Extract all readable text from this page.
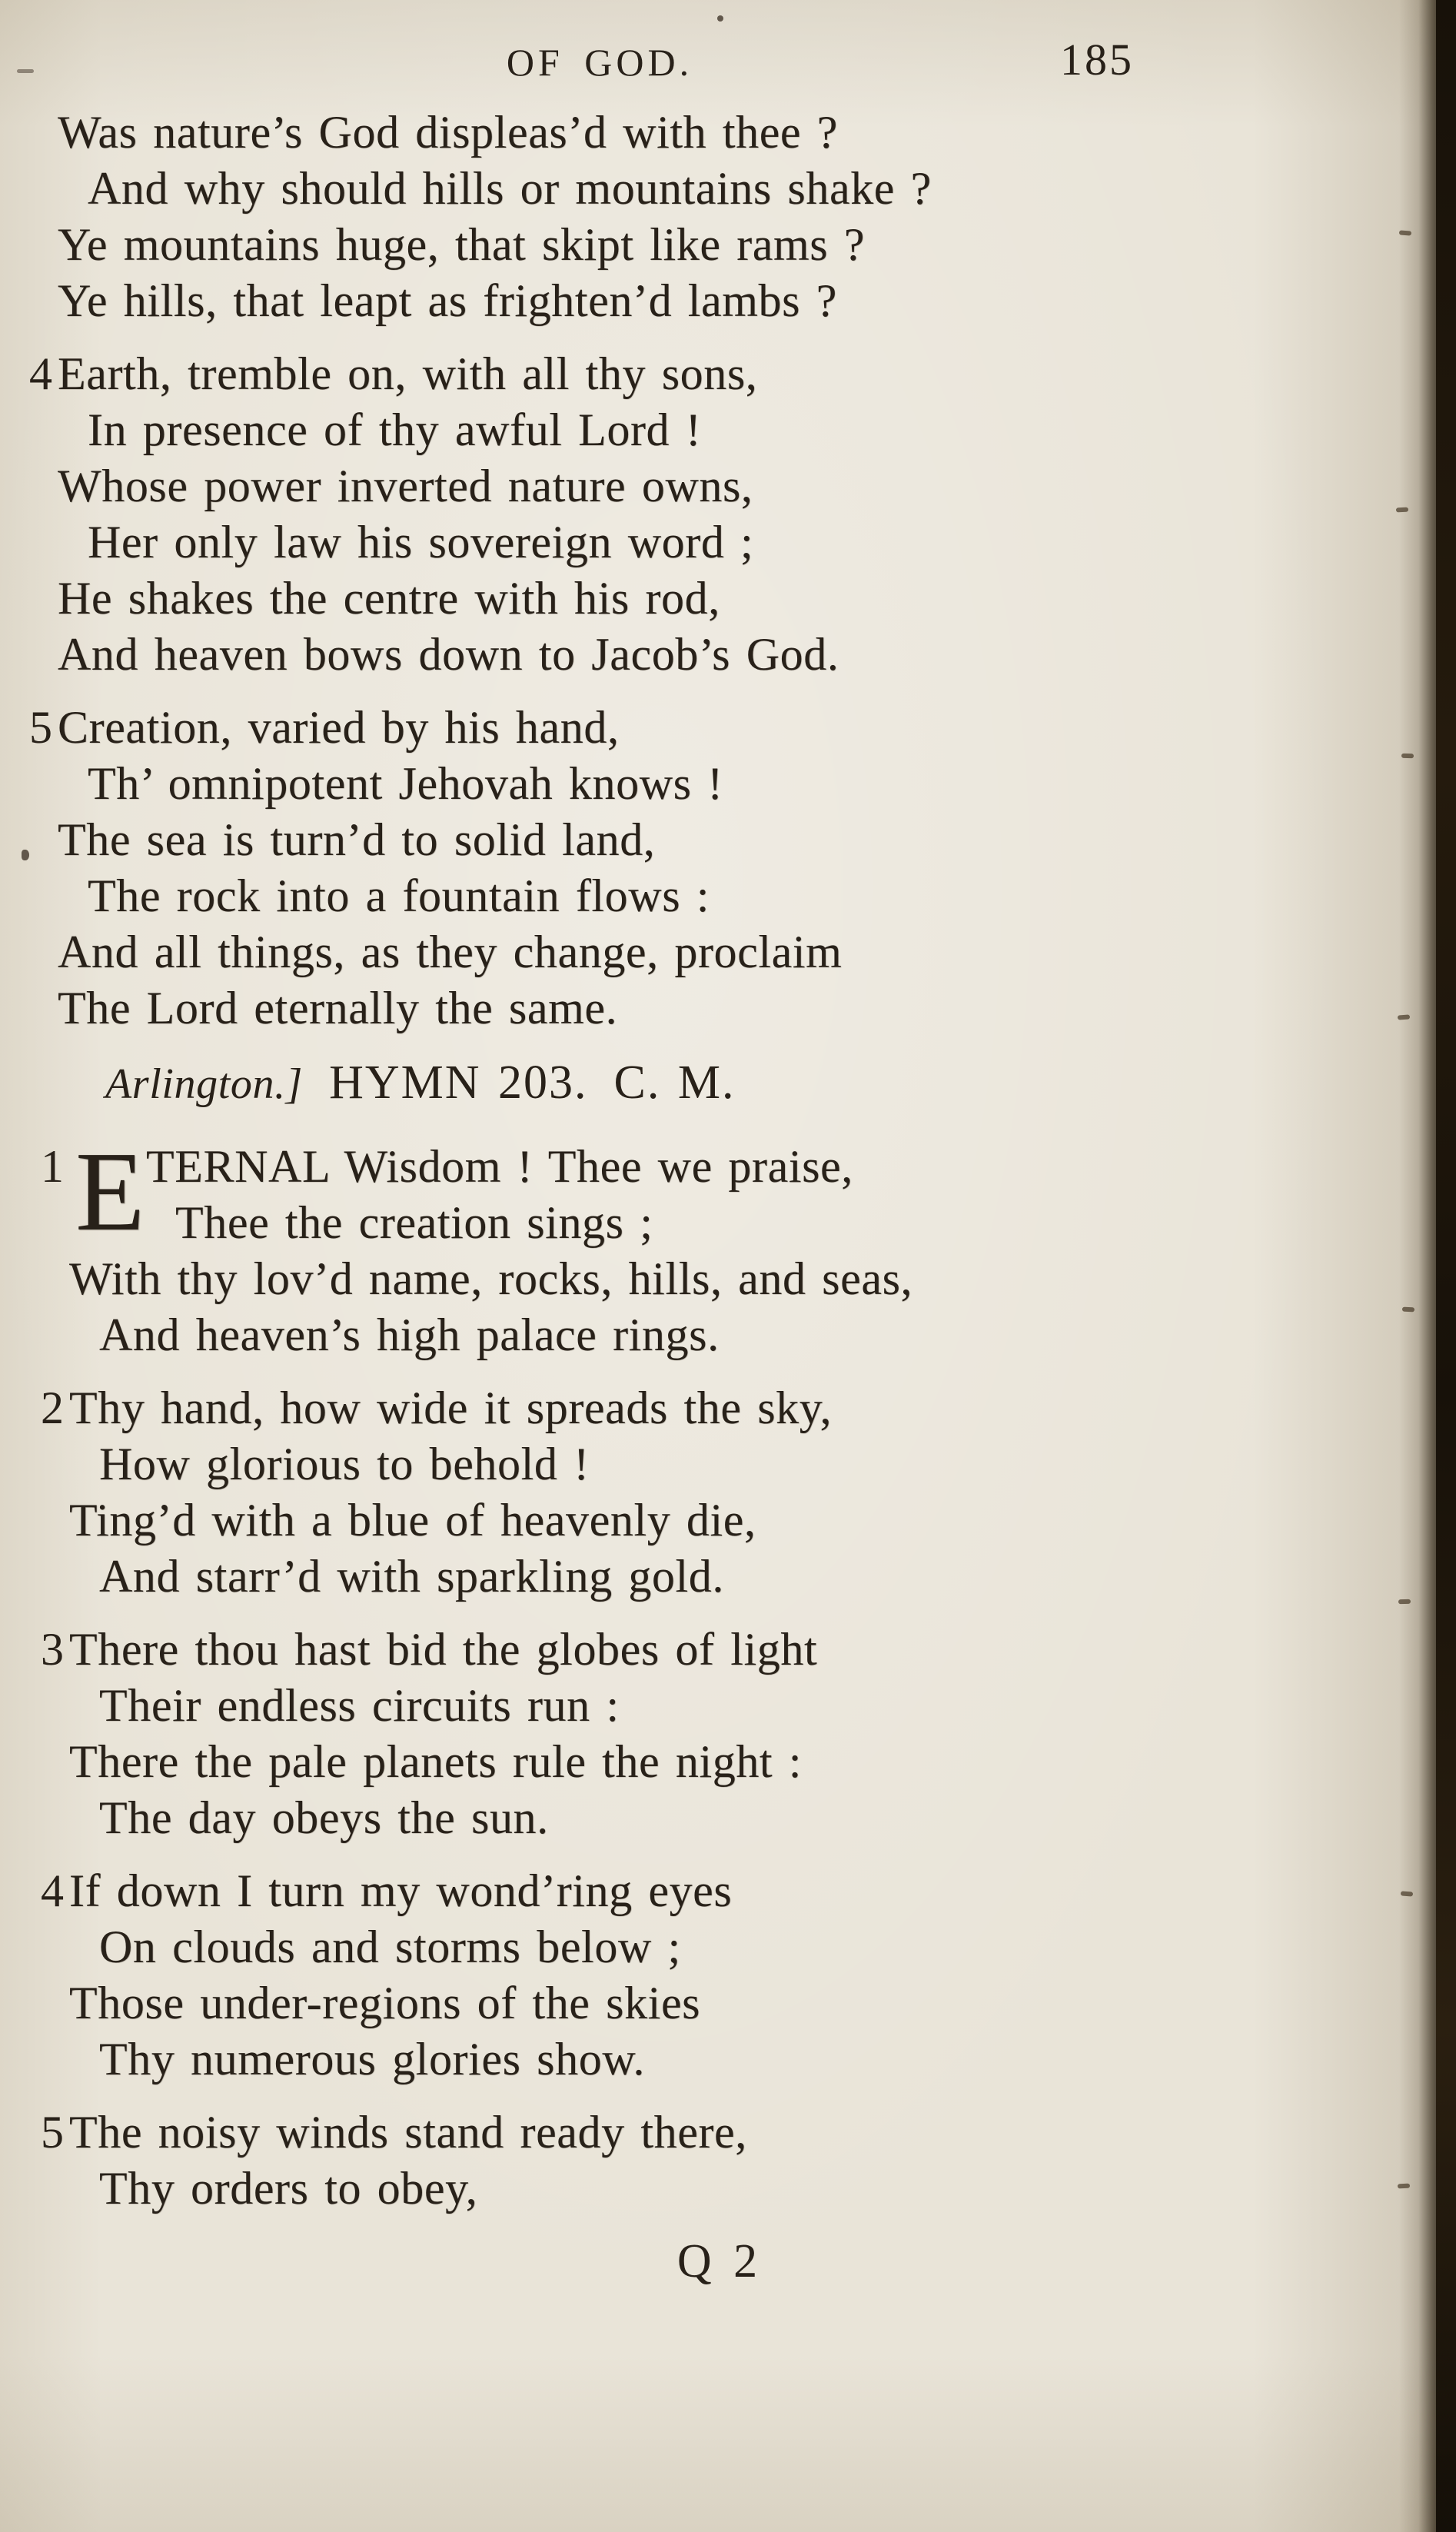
OF GOD.	185
Was nature’s God displeas’d with thee ?
And why should hills or mountains shake ?
Ye mountains huge, that skipt like rams ?
Ye hills, that leapt as frighten’d lambs ?
4 Earth, tremble on, with all thy sons,
In presence of thy awful Lord !
Whose power inverted nature owns,
Her only law his sovereign word ;
He shakes the centre with his rod,
And heaven bows down to Jacob’s God.
5 Creation, varied by his hand,
Th’ omnipotent Jehovah knows !
The sea is turn’d to solid land,
The rock into a fountain flows :
And all things, as they change, proclaim
The Lord eternally the same.
Arlington.] HYMN 203. C. M.
1 E TERNAL Wisdom ! Thee we praise,
Thee the creation sings ;
With thy lov’d name, rocks, hills, and seas,
And heaven’s high palace rings.
2 Thy hand, how wide it spreads the sky,
How glorious to behold !
Ting’d with a blue of heavenly die,
And starr’d with sparkling gold.
3 There thou hast bid the globes of light
Their endless circuits run :
There the pale planets rule the night :
The day obeys the sun.
4 If down I turn my wond’ring eyes
On clouds and storms below ;
Those under-regions of the skies
Thy numerous glories show.
5 The noisy winds stand ready there,
Thy orders to obey,
Q 2
